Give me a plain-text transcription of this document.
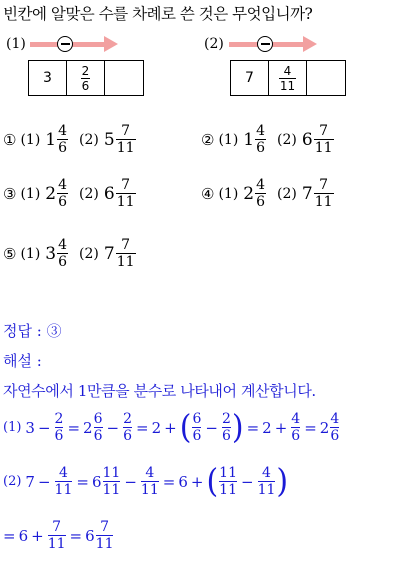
빈칸에 알맞은 수를 차례로 쓴 것은 무엇입니까?
(1)
3	$\frac{2}{6}$
(2)
7	$\frac{4}{11}$
① (1) $1 \frac{4}{6} (2)$ $5 \frac{7}{11}$	② (1) $1 \frac{4}{6} (2)$ $6 \frac{7}{11}$
③ (1) $2 \frac{4}{6} (2)$ $6 \frac{7}{11}$	④ (1) $2 \frac{4}{6} (2)$ $7 \frac{7}{11}$
⑤ (1) $3 \frac{4}{6} (2)$ $7 \frac{7}{11}$
정답 : ③
해설 :
자연수에서 1만큼을 분수로 나타내어 계산합니다.
(1) $3 - \frac{2}{6} = 2 \frac{6}{6} - \frac{2}{6} = 2$ + ( $\frac{6}{6} - \frac{2}{6}$ ) = $2 + \frac{4}{6} = 2 \frac{4}{6}$
(2) $7 - \frac{4}{11} = 6 \frac{11}{11} - \frac{4}{11} = 6$ + ( $\frac{11}{11} - \frac{4}{11}$ )
= $6 + \frac{7}{11} = 6 \frac{7}{11}$
